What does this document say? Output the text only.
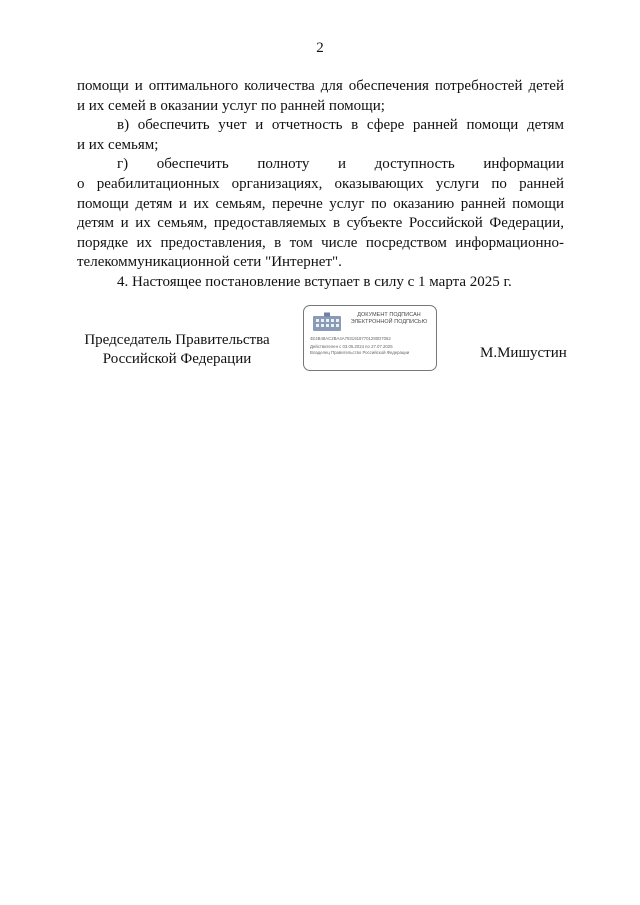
2

помощи и оптимального количества для обеспечения потребностей детей
и их семей в оказании услуг по ранней помощи;

в) обеспечить учет и отчетность в сфере ранней помощи детям
и их семьям;

г) обеспечить полноту и доступность информации
о реабилитационных организациях, оказывающих услуги по ранней
помощи детям и их семьям, перечне услуг по оказанию ранней помощи
детям и их семьям, предоставляемых в субъекте Российской Федерации,
порядке их предоставления, в том числе посредством информационно-
телекоммуникационной сети "Интернет".

4. Настоящее постановление вступает в силу с 1 марта 2025 г.

Председатель Правительства
Российской Федерации
ДОКУМЕНТ ПОДПИСАН
ЭЛЕКТРОННОЙ ПОДПИСЬЮ
4E4B48AC2BA4A79319187701280D7062
Действителен с 03.05.2024 по 27.07.2025
Владелец Правительство Российской Федерации	М.Мишустин
